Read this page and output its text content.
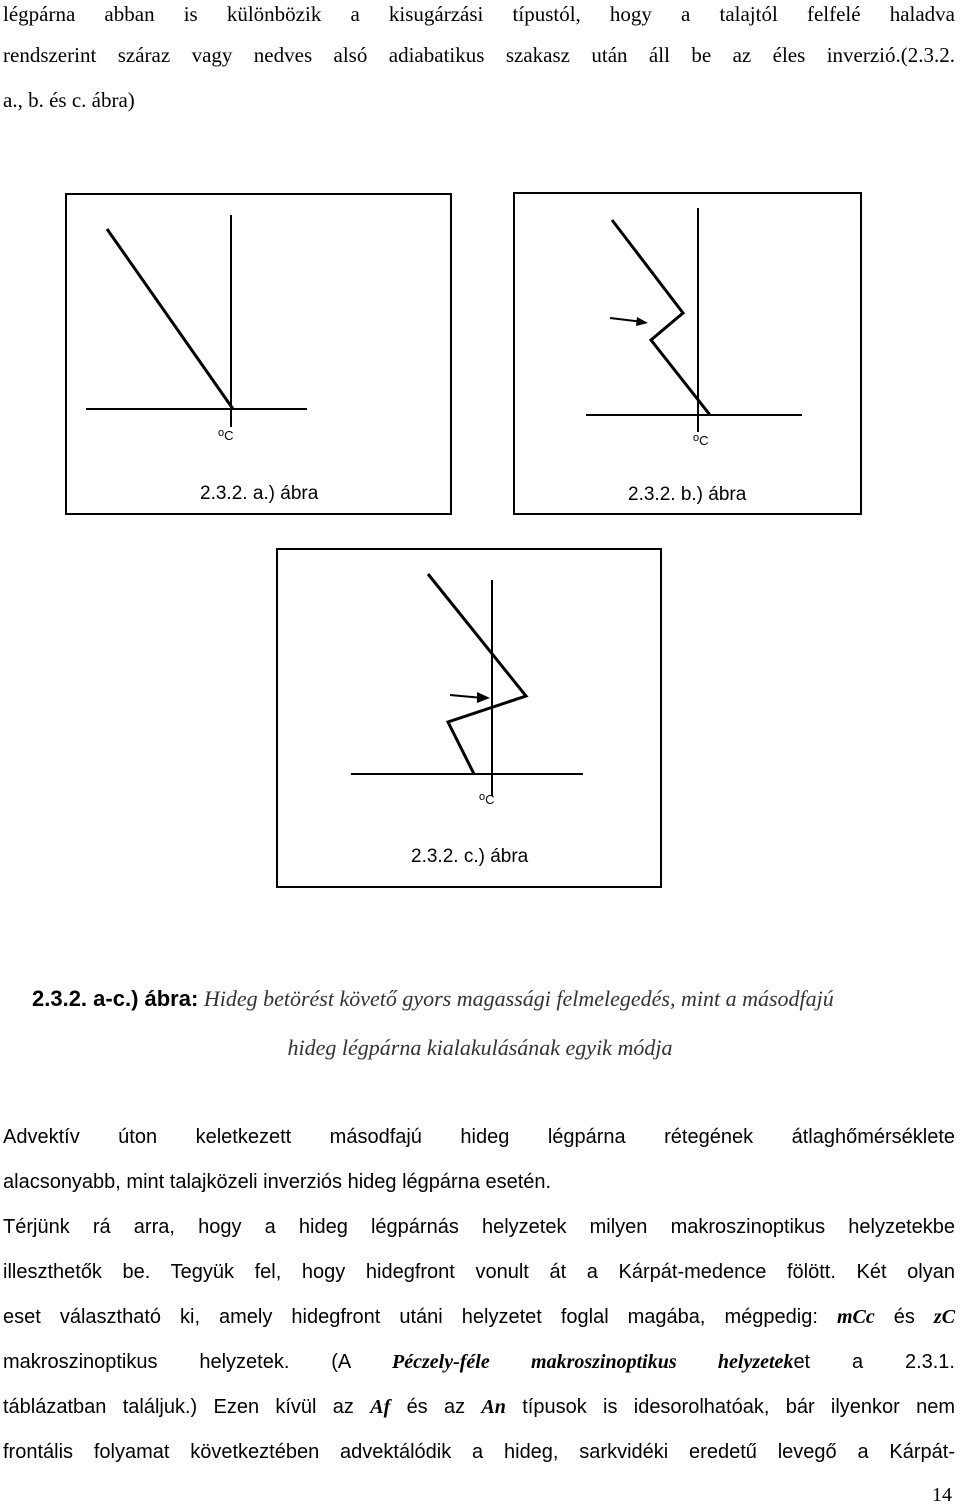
légpárna abban is különbözik a kisugárzási típustól, hogy a talajtól felfelé haladva
rendszerint száraz vagy nedves alsó adiabatikus szakasz után áll be az éles inverzió.(2.3.2.
a., b. és c. ábra)
$^o$C
2.3.2. a.) ábra
$^o$C
2.3.2. b.) ábra
$^o$C
2.3.2. c.) ábra
2.3.2. a-c.) ábra: Hideg betörést követő gyors magassági felmelegedés, mint a másodfajú
hideg légpárna kialakulásának egyik módja
Advektív úton keletkezett másodfajú hideg légpárna rétegének átlaghőmérséklete
alacsonyabb, mint talajközeli inverziós hideg légpárna esetén.
Térjünk rá arra, hogy a hideg légpárnás helyzetek milyen makroszinoptikus helyzetekbe
illeszthetők be. Tegyük fel, hogy hidegfront vonult át a Kárpát-medence fölött. Két olyan
eset választható ki, amely hidegfront utáni helyzetet foglal magába, mégpedig: mCc és zC
makroszinoptikus helyzetek. (A Péczely-féle makroszinoptikus helyzeteket a 2.3.1.
táblázatban találjuk.) Ezen kívül az Af és az An típusok is idesorolhatóak, bár ilyenkor nem
frontális folyamat következtében advektálódik a hideg, sarkvidéki eredetű levegő a Kárpát-
14
